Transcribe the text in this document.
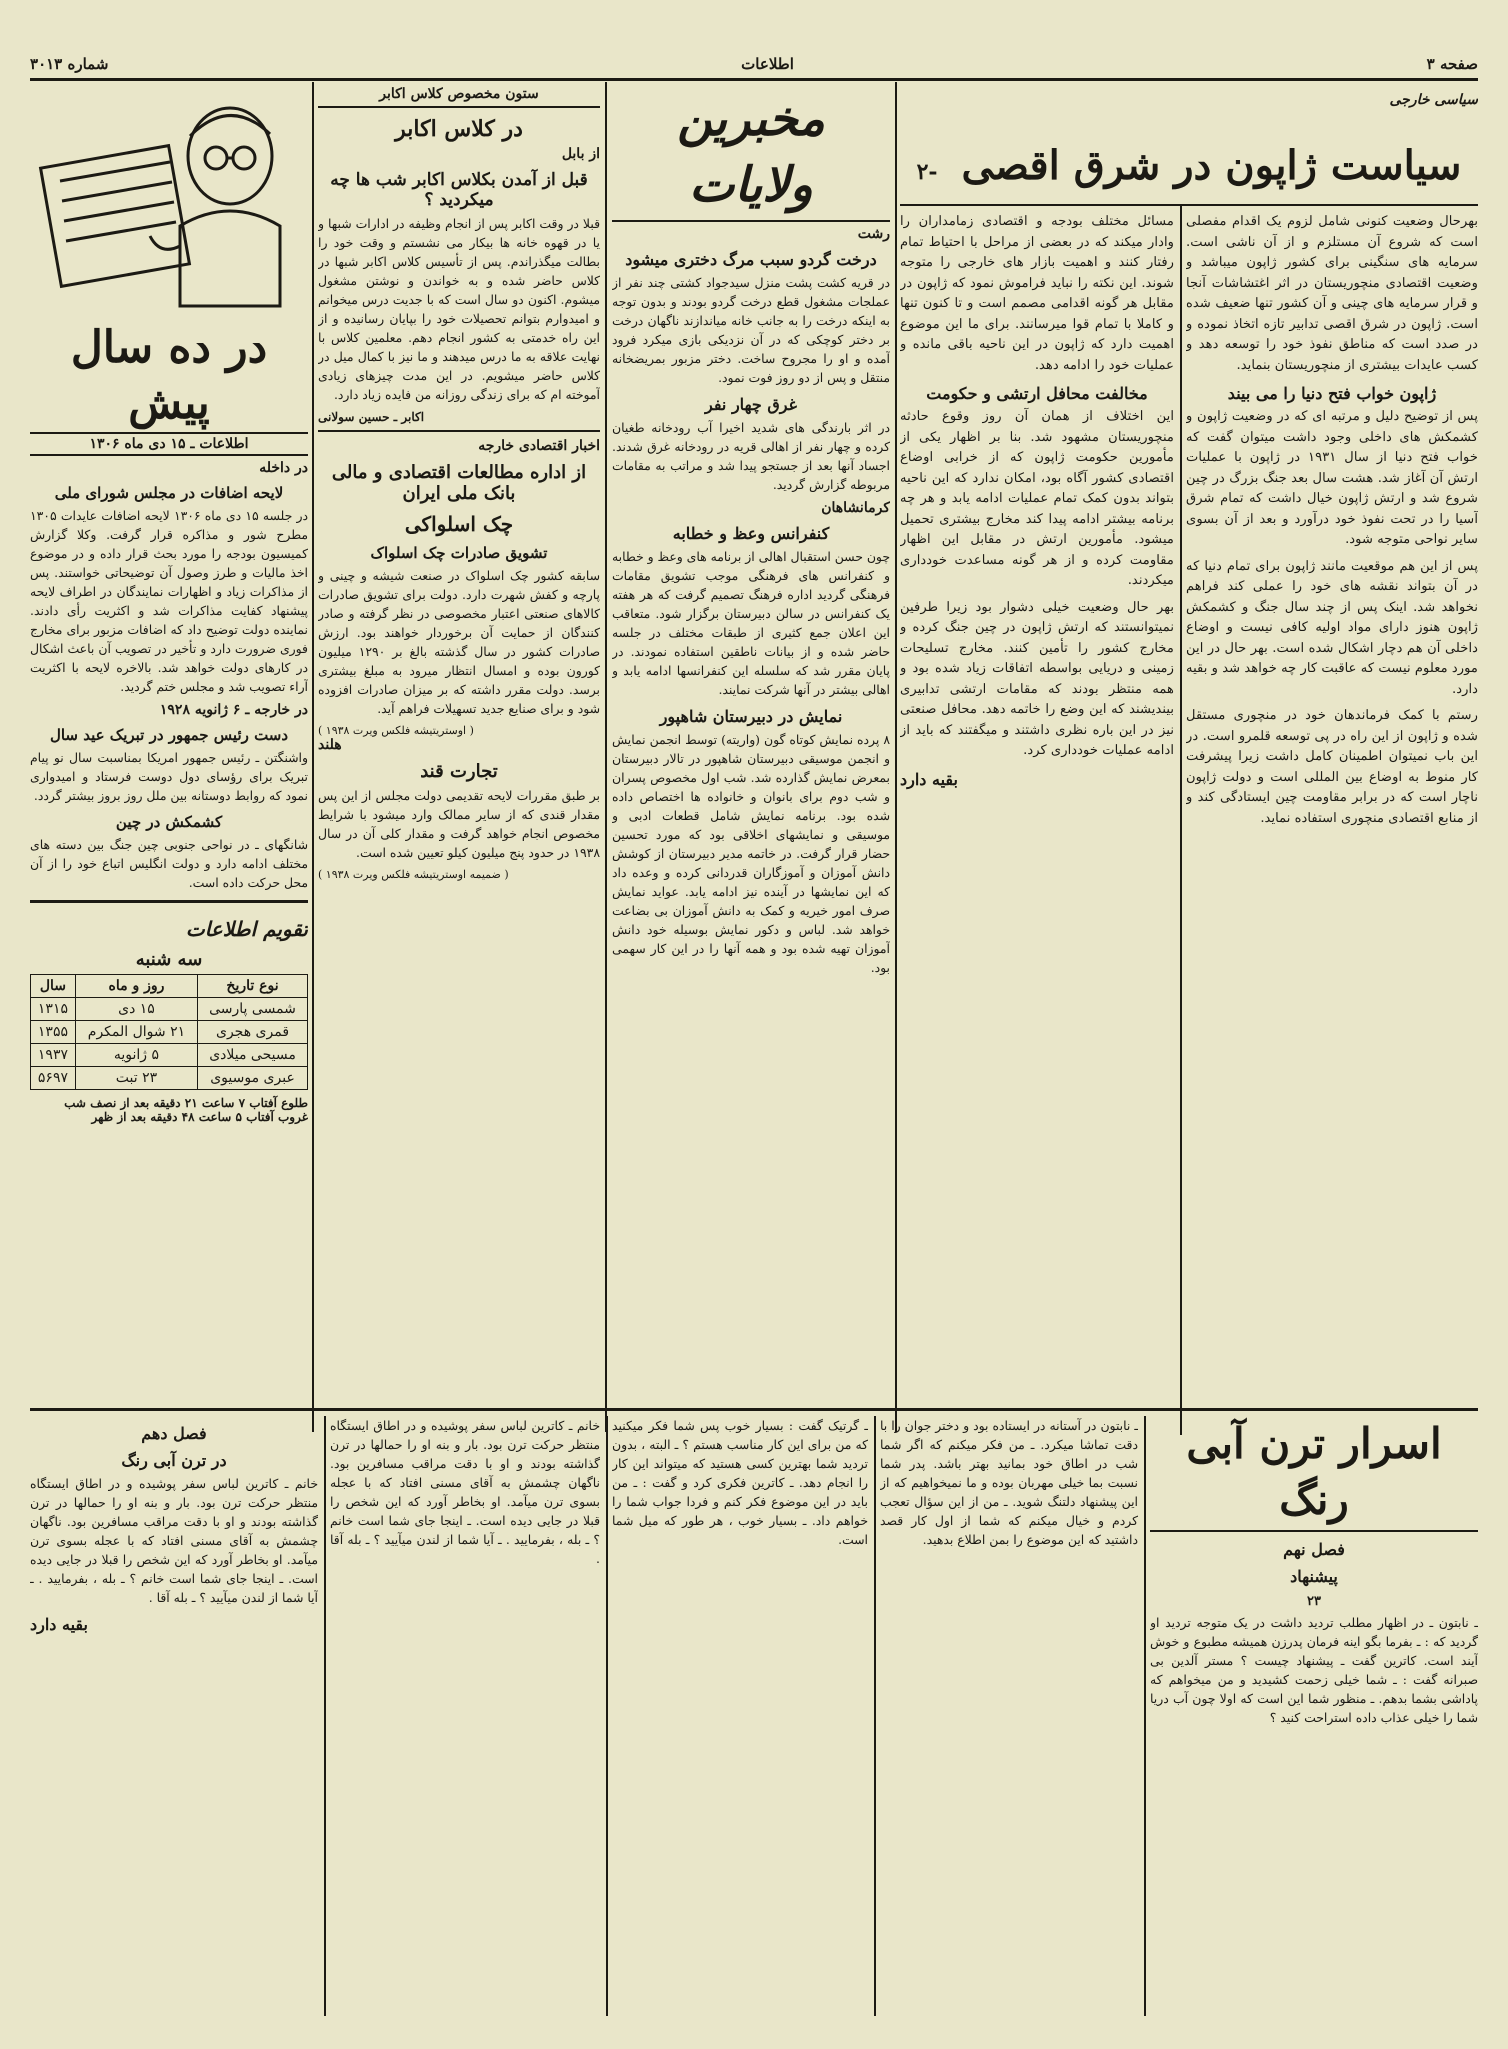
صفحه ۳
اطلاعات
شماره ۳۰۱۳
سیاسی خارجی
سیاست ژاپون در شرق اقصی -۲

بهرحال وضعیت کنونی شامل لزوم یک اقدام مفصلی است که شروع آن مستلزم و از آن ناشی است. سرمایه های سنگینی برای کشور ژاپون میباشد و وضعیت اقتصادی منچوریستان در اثر اغتشاشات آنجا و قرار سرمایه های چینی و آن کشور تنها ضعیف شده است. ژاپون در شرق اقصی تدابیر تازه اتخاذ نموده و در صدد است که مناطق نفوذ خود را توسعه دهد و کسب عایدات بیشتری از منچوریستان بنماید.

ژاپون خواب فتح دنیا را می بیند

پس از توضیح دلیل و مرتبه ای که در وضعیت ژاپون و کشمکش های داخلی وجود داشت میتوان گفت که خواب فتح دنیا از سال ۱۹۳۱ در ژاپون با عملیات ارتش آن آغاز شد. هشت سال بعد جنگ بزرگ در چین شروع شد و ارتش ژاپون خیال داشت که تمام شرق آسیا را در تحت نفوذ خود درآورد و بعد از آن بسوی سایر نواحی متوجه شود.

پس از این هم موقعیت مانند ژاپون برای تمام دنیا که در آن بتواند نقشه های خود را عملی کند فراهم نخواهد شد. اینک پس از چند سال جنگ و کشمکش ژاپون هنوز دارای مواد اولیه کافی نیست و اوضاع داخلی آن هم دچار اشکال شده است. بهر حال در این مورد معلوم نیست که عاقبت کار چه خواهد شد و بقیه دارد.

رستم با کمک فرماندهان خود در منچوری مستقل شده و ژاپون از این راه در پی توسعه قلمرو است. در این باب نمیتوان اطمینان کامل داشت زیرا پیشرفت کار منوط به اوضاع بین المللی است و دولت ژاپون ناچار است که در برابر مقاومت چین ایستادگی کند و از منابع اقتصادی منچوری استفاده نماید.

مسائل مختلف بودجه و اقتصادی زمامداران را وادار میکند که در بعضی از مراحل با احتیاط تمام رفتار کنند و اهمیت بازار های خارجی را متوجه شوند. این نکته را نباید فراموش نمود که ژاپون در مقابل هر گونه اقدامی مصمم است و تا کنون تنها و کاملا با تمام قوا میرسانند. برای ما این موضوع اهمیت دارد که ژاپون در این ناحیه باقی مانده و عملیات خود را ادامه دهد.

مخالفت محافل ارتشی و حکومت

این اختلاف از همان آن روز وقوع حادثه منچوریستان مشهود شد. بنا بر اظهار یکی از مأمورین حکومت ژاپون که از خرابی اوضاع اقتصادی کشور آگاه بود، امکان ندارد که این ناحیه بتواند بدون کمک تمام عملیات ادامه یابد و هر چه برنامه بیشتر ادامه پیدا کند مخارج بیشتری تحمیل میشود. مأمورین ارتش در مقابل این اظهار مقاومت کرده و از هر گونه مساعدت خودداری میکردند.

بهر حال وضعیت خیلی دشوار بود زیرا طرفین نمیتوانستند که ارتش ژاپون در چین جنگ کرده و مخارج کشور را تأمین کنند. مخارج تسلیحات زمینی و دریایی بواسطه اتفاقات زیاد شده بود و همه منتظر بودند که مقامات ارتشی تدابیری بیندیشند که این وضع را خاتمه دهد. محافل صنعتی نیز در این باره نظری داشتند و میگفتند که باید از ادامه عملیات خودداری کرد.

بقیه دارد
مخبرین ولایات
رشت
درخت گردو سبب مرگ دختری میشود

در قریه کشت پشت منزل سیدجواد کشتی چند نفر از عملجات مشغول قطع درخت گردو بودند و بدون توجه به اینکه درخت را به جانب خانه میاندازند ناگهان درخت بر دختر کوچکی که در آن نزدیکی بازی میکرد فرود آمده و او را مجروح ساخت. دختر مزبور بمریضخانه منتقل و پس از دو روز فوت نمود.

غرق چهار نفر

در اثر بارندگی های شدید اخیرا آب رودخانه طغیان کرده و چهار نفر از اهالی قریه در رودخانه غرق شدند. اجساد آنها بعد از جستجو پیدا شد و مراتب به مقامات مربوطه گزارش گردید.

کرمانشاهان
کنفرانس وعظ و خطابه

چون حسن استقبال اهالی از برنامه های وعظ و خطابه و کنفرانس های فرهنگی موجب تشویق مقامات فرهنگی گردید اداره فرهنگ تصمیم گرفت که هر هفته یک کنفرانس در سالن دبیرستان برگزار شود. متعاقب این اعلان جمع کثیری از طبقات مختلف در جلسه حاضر شده و از بیانات ناطقین استفاده نمودند. در پایان مقرر شد که سلسله این کنفرانسها ادامه یابد و اهالی بیشتر در آنها شرکت نمایند.

نمایش در دبیرستان شاهپور

۸ پرده نمایش کوتاه گون (واریته) توسط انجمن نمایش و انجمن موسیقی دبیرستان شاهپور در تالار دبیرستان بمعرض نمایش گذارده شد. شب اول مخصوص پسران و شب دوم برای بانوان و خانواده ها اختصاص داده شده بود. برنامه نمایش شامل قطعات ادبی و موسیقی و نمایشهای اخلاقی بود که مورد تحسین حضار قرار گرفت. در خاتمه مدیر دبیرستان از کوشش دانش آموزان و آموزگاران قدردانی کرده و وعده داد که این نمایشها در آینده نیز ادامه یابد. عواید نمایش صرف امور خیریه و کمک به دانش آموزان بی بضاعت خواهد شد. لباس و دکور نمایش بوسیله خود دانش آموزان تهیه شده بود و همه آنها را در این کار سهمی بود.

ستون مخصوص کلاس اکابر
در کلاس اکابر
از بابل
قبل از آمدن بکلاس اکابر شب ها چه میکردید ؟

قبلا در وقت اکابر پس از انجام وظیفه در ادارات شبها و یا در قهوه خانه ها بیکار می نشستم و وقت خود را بطالت میگذراندم. پس از تأسیس کلاس اکابر شبها در کلاس حاضر شده و به خواندن و نوشتن مشغول میشوم. اکنون دو سال است که با جدیت درس میخوانم و امیدوارم بتوانم تحصیلات خود را بپایان رسانیده و از این راه خدمتی به کشور انجام دهم. معلمین کلاس با نهایت علاقه به ما درس میدهند و ما نیز با کمال میل در کلاس حاضر میشویم. در این مدت چیزهای زیادی آموخته ام که برای زندگی روزانه من فایده زیاد دارد.

اکابر ـ حسین سولانی
اخبار اقتصادی خارجه
از اداره مطالعات اقتصادی و مالی بانک ملی ایران
چک اسلواکی
تشویق صادرات چک اسلواک

سابقه کشور چک اسلواک در صنعت شیشه و چینی و پارچه و کفش شهرت دارد. دولت برای تشویق صادرات کالاهای صنعتی اعتبار مخصوصی در نظر گرفته و صادر کنندگان از حمایت آن برخوردار خواهند بود. ارزش صادرات کشور در سال گذشته بالغ بر ۱۲۹۰ میلیون کورون بوده و امسال انتظار میرود به مبلغ بیشتری برسد. دولت مقرر داشته که بر میزان صادرات افزوده شود و برای صنایع جدید تسهیلات فراهم آید.

( اوستریتیشه فلکس ویرت ۱۹۳۸ )
هلند
تجارت قند

بر طبق مقررات لایحه تقدیمی دولت مجلس از این پس مقدار قندی که از سایر ممالک وارد میشود با شرایط مخصوص انجام خواهد گرفت و مقدار کلی آن در سال ۱۹۳۸ در حدود پنج میلیون کیلو تعیین شده است.

( ضمیمه اوستریتیشه فلکس ویرت ۱۹۳۸ )
در ده سال پیش
اطلاعات ـ ۱۵ دی ماه ۱۳۰۶
در داخله
لایحه اضافات در مجلس شورای ملی

در جلسه ۱۵ دی ماه ۱۳۰۶ لایحه اضافات عایدات ۱۳۰۵ مطرح شور و مذاکره قرار گرفت. وکلا گزارش کمیسیون بودجه را مورد بحث قرار داده و در موضوع اخذ مالیات و طرز وصول آن توضیحاتی خواستند. پس از مذاکرات زیاد و اظهارات نمایندگان در اطراف لایحه پیشنهاد کفایت مذاکرات شد و اکثریت رأی دادند. نماینده دولت توضیح داد که اضافات مزبور برای مخارج فوری ضرورت دارد و تأخیر در تصویب آن باعث اشکال در کارهای دولت خواهد شد. بالاخره لایحه با اکثریت آراء تصویب شد و مجلس ختم گردید.

در خارجه ـ ۶ ژانویه ۱۹۲۸
دست رئیس جمهور در تبریک عید سال

واشنگتن ـ رئیس جمهور امریکا بمناسبت سال نو پیام تبریک برای رؤسای دول دوست فرستاد و امیدواری نمود که روابط دوستانه بین ملل روز بروز بیشتر گردد.

کشمکش در چین

شانگهای ـ در نواحی جنوبی چین جنگ بین دسته های مختلف ادامه دارد و دولت انگلیس اتباع خود را از آن محل حرکت داده است.

تقویم اطلاعات
سه شنبه
نوع تاریخ	روز و ماه	سال
شمسی پارسی	۱۵ دی	۱۳۱۵
قمری هجری	۲۱ شوال المکرم	۱۳۵۵
مسیحی میلادی	۵ ژانویه	۱۹۳۷
عبری موسیوی	۲۳ تبت	۵۶۹۷
طلوع آفتاب ۷ ساعت ۲۱ دقیقه بعد از نصف شب
غروب آفتاب ۵ ساعت ۴۸ دقیقه بعد از ظهر
اسرار ترن آبی رنگ
فصل نهم
پیشنهاد
۲۳

ـ نابتون ـ در اظهار مطلب تردید داشت در یک متوجه تردید او گردید که : ـ بفرما بگو اینه فرمان پدرزن همیشه مطبوع و خوش آیند است. کاترین گفت ـ پیشنهاد چیست ؟ مستر آلدین بی صبرانه گفت : ـ شما خیلی زحمت کشیدید و من میخواهم که پاداشی بشما بدهم. ـ منظور شما این است که اولا چون آب دریا شما را خیلی عذاب داده استراحت کنید ؟

ـ نابتون در آستانه در ایستاده بود و دختر جوان را با دقت تماشا میکرد. ـ من فکر میکنم که اگر شما شب در اطاق خود بمانید بهتر باشد. پدر شما نسبت بما خیلی مهربان بوده و ما نمیخواهیم که از این پیشنهاد دلتنگ شوید. ـ من از این سؤال تعجب کردم و خیال میکنم که شما از اول کار قصد داشتید که این موضوع را بمن اطلاع بدهید.

ـ گرتیک گفت : بسیار خوب پس شما فکر میکنید که من برای این کار مناسب هستم ؟ ـ البته ، بدون تردید شما بهترین کسی هستید که میتواند این کار را انجام دهد. ـ کاترین فکری کرد و گفت : ـ من باید در این موضوع فکر کنم و فردا جواب شما را خواهم داد. ـ بسیار خوب ، هر طور که میل شما است.

خانم ـ کاترین لباس سفر پوشیده و در اطاق ایستگاه منتظر حرکت ترن بود. بار و بنه او را حمالها در ترن گذاشته بودند و او با دقت مراقب مسافرین بود. ناگهان چشمش به آقای مسنی افتاد که با عجله بسوی ترن میآمد. او بخاطر آورد که این شخص را قبلا در جایی دیده است. ـ اینجا جای شما است خانم ؟ ـ بله ، بفرمایید . ـ آیا شما از لندن میآیید ؟ ـ بله آقا .

فصل دهم
در ترن آبی رنگ

خانم ـ کاترین لباس سفر پوشیده و در اطاق ایستگاه منتظر حرکت ترن بود. بار و بنه او را حمالها در ترن گذاشته بودند و او با دقت مراقب مسافرین بود. ناگهان چشمش به آقای مسنی افتاد که با عجله بسوی ترن میآمد. او بخاطر آورد که این شخص را قبلا در جایی دیده است. ـ اینجا جای شما است خانم ؟ ـ بله ، بفرمایید . ـ آیا شما از لندن میآیید ؟ ـ بله آقا .

بقیه دارد
